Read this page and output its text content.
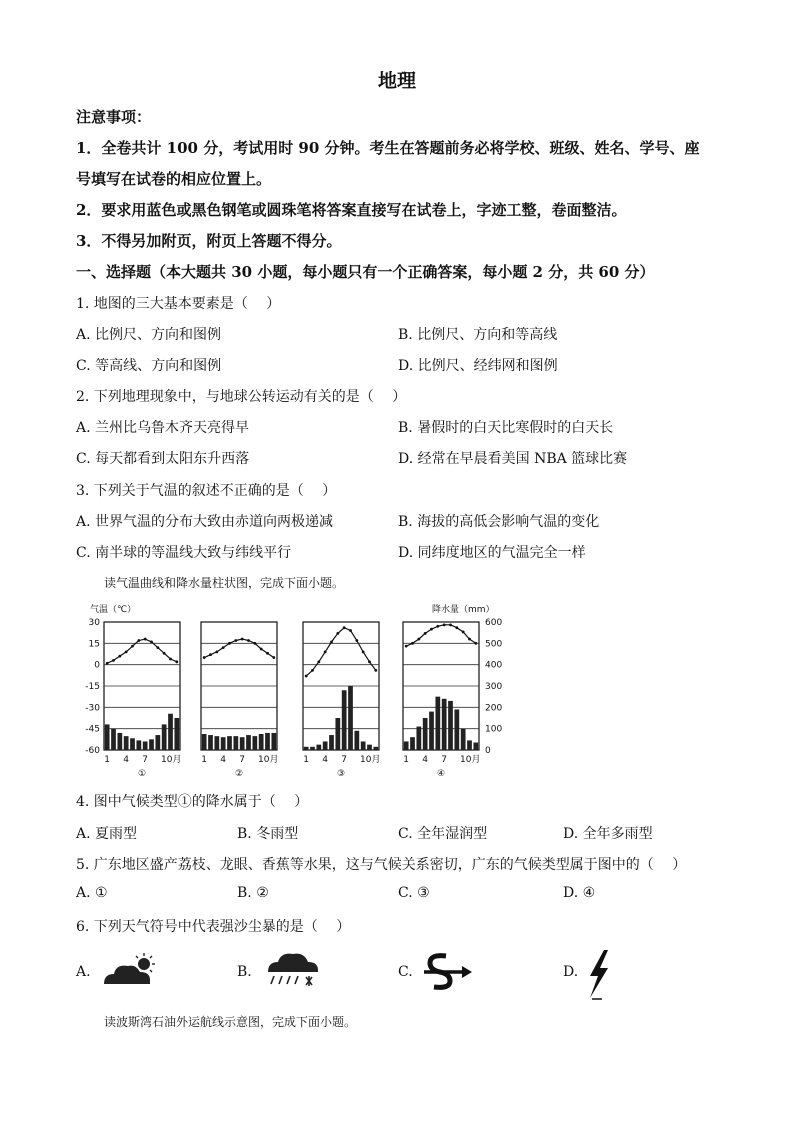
地理
注意事项：
1．全卷共计 100 分，考试用时 90 分钟。考生在答题前务必将学校、班级、姓名、学号、座
号填写在试卷的相应位置上。
2．要求用蓝色或黑色钢笔或圆珠笔将答案直接写在试卷上，字迹工整，卷面整洁。
3．不得另加附页，附页上答题不得分。
一、选择题（本大题共 30 小题，每小题只有一个正确答案，每小题 2 分，共 60 分）
1. 地图的三大基本要素是（　 ）
A. 比例尺、方向和图例	B. 比例尺、方向和等高线
C. 等高线、方向和图例	D. 比例尺、经纬网和图例
2. 下列地理现象中，与地球公转运动有关的是（　 ）
A. 兰州比乌鲁木齐天亮得早	B. 暑假时的白天比寒假时的白天长
C. 每天都看到太阳东升西落	D. 经常在早晨看美国 NBA 篮球比赛
3. 下列关于气温的叙述不正确的是（　 ）
A. 世界气温的分布大致由赤道向两极递减	B. 海拔的高低会影响气温的变化
C. 南半球的等温线大致与纬线平行	D. 同纬度地区的气温完全一样
读气温曲线和降水量柱状图，完成下面小题。
气温（℃）	降水量（mm）
30
15
0
-15
-30
-45
-60
600
500
400
300
200
100
0
1 4 7 10月
①
1 4 7 10月
②
1 4 7 10月
③
1 4 7 10月
④
4. 图中气候类型①的降水属于（　 ）
A. 夏雨型	B. 冬雨型	C. 全年湿润型	D. 全年多雨型
5. 广东地区盛产荔枝、龙眼、香蕉等水果，这与气候关系密切，广东的气候类型属于图中的（　 ）
A. ①	B. ②	C. ③	D. ④
6. 下列天气符号中代表强沙尘暴的是（　 ）
A.	B.	C.	D.
读波斯湾石油外运航线示意图，完成下面小题。
